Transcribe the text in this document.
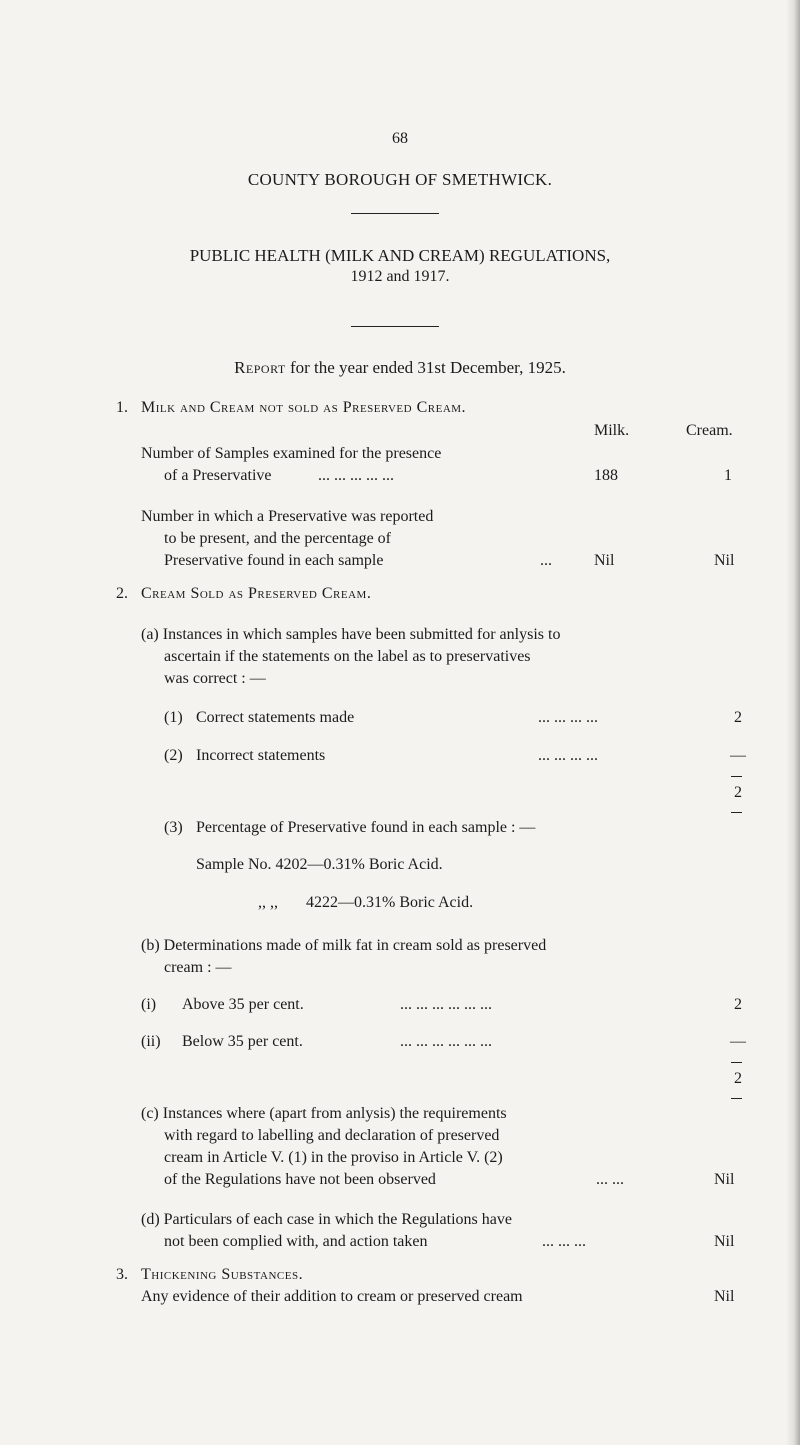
68
COUNTY BOROUGH OF SMETHWICK.
PUBLIC HEALTH (MILK AND CREAM) REGULATIONS,
1912 and 1917.
Report for the year ended 31st December, 1925.
1. Milk and Cream not sold as Preserved Cream.
Milk.	Cream.
Number of Samples examined for the presence
of a Preservative	... ... ... ... ...	188	1
Number in which a Preservative was reported
to be present, and the percentage of
Preservative found in each sample	...	Nil	Nil
2. Cream Sold as Preserved Cream.
(a) Instances in which samples have been submitted for anlysis to
ascertain if the statements on the label as to preservatives
was correct : —
(1) Correct statements made	... ... ... ...	2
(2) Incorrect statements	... ... ... ...	—
2
(3) Percentage of Preservative found in each sample : —
Sample No. 4202—0.31% Boric Acid.
,, ,, 4222—0.31% Boric Acid.
(b) Determinations made of milk fat in cream sold as preserved
cream : —
(i) Above 35 per cent.	... ... ... ... ... ...	2
(ii) Below 35 per cent.	... ... ... ... ... ...	—
2
(c) Instances where (apart from anlysis) the requirements
with regard to labelling and declaration of preserved
cream in Article V. (1) in the proviso in Article V. (2)
of the Regulations have not been observed	... ...	Nil
(d) Particulars of each case in which the Regulations have
not been complied with, and action taken	... ... ...	Nil
3. Thickening Substances.
Any evidence of their addition to cream or preserved cream	Nil
